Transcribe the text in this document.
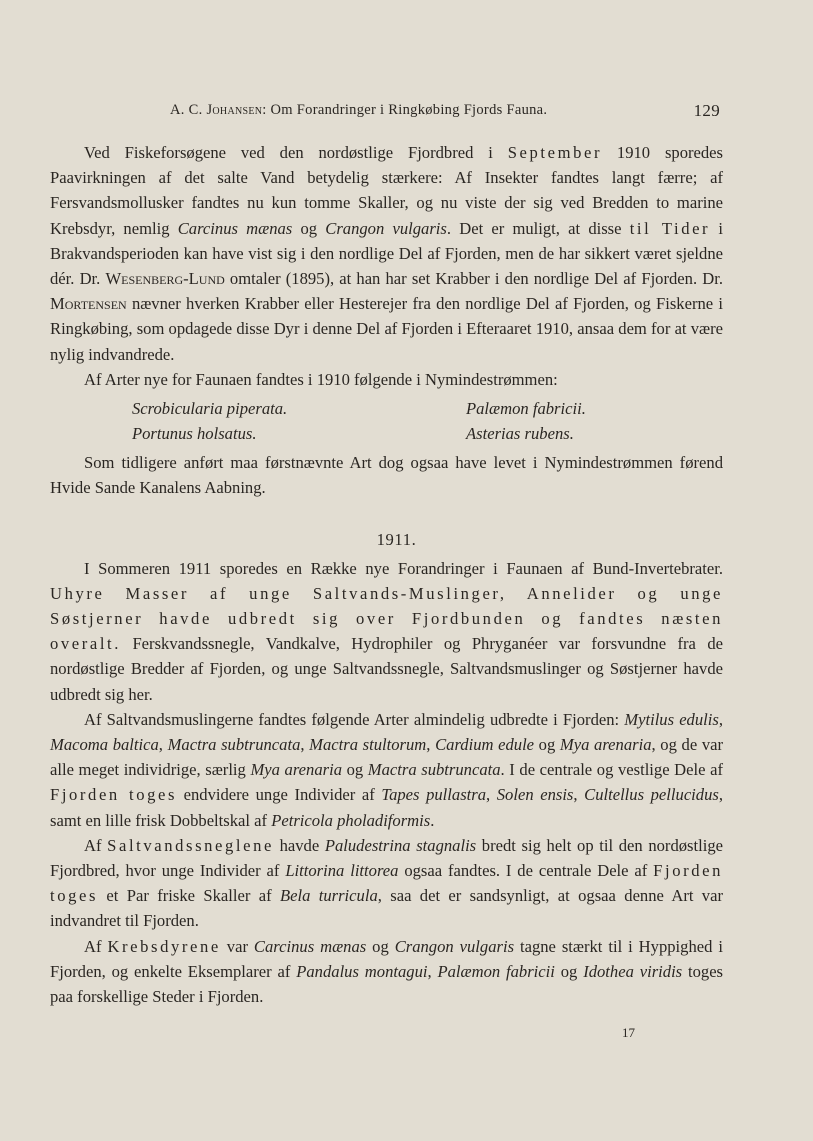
A. C. Johansen: Om Forandringer i Ringkøbing Fjords Fauna.	129

Ved Fiskeforsøgene ved den nordøstlige Fjordbred i September 1910 sporedes Paavirkningen af det salte Vand betydelig stærkere: Af Insekter fandtes langt færre; af Fersvandsmollusker fandtes nu kun tomme Skaller, og nu viste der sig ved Bredden to marine Krebsdyr, nemlig Carcinus mænas og Crangon vulgaris. Det er muligt, at disse til Tider i Brakvandsperioden kan have vist sig i den nordlige Del af Fjorden, men de har sikkert været sjeldne dér. Dr. Wesenberg-Lund omtaler (1895), at han har set Krabber i den nordlige Del af Fjorden. Dr. Mortensen nævner hverken Krabber eller Hesterejer fra den nordlige Del af Fjorden, og Fiskerne i Ringkøbing, som opdagede disse Dyr i denne Del af Fjorden i Efteraaret 1910, ansaa dem for at være nylig indvandrede.

Af Arter nye for Faunaen fandtes i 1910 følgende i Nymindestrømmen:

Scrobicularia piperata.
Portunus holsatus.
Palæmon fabricii.
Asterias rubens.

Som tidligere anført maa førstnævnte Art dog ogsaa have levet i Nymindestrømmen førend Hvide Sande Kanalens Aabning.

1911.

I Sommeren 1911 sporedes en Række nye Forandringer i Faunaen af Bund-Invertebrater. Uhyre Masser af unge Saltvands-Muslinger, Annelider og unge Søstjerner havde udbredt sig over Fjordbunden og fandtes næsten overalt. Ferskvandssnegle, Vandkalve, Hydrophiler og Phryganéer var forsvundne fra de nordøstlige Bredder af Fjorden, og unge Saltvandssnegle, Saltvandsmuslinger og Søstjerner havde udbredt sig her.

Af Saltvandsmuslingerne fandtes følgende Arter almindelig udbredte i Fjorden: Mytilus edulis, Macoma baltica, Mactra subtruncata, Mactra stultorum, Cardium edule og Mya arenaria, og de var alle meget individrige, særlig Mya arenaria og Mactra subtruncata. I de centrale og vestlige Dele af Fjorden toges endvidere unge Individer af Tapes pullastra, Solen ensis, Cultellus pellucidus, samt en lille frisk Dobbeltskal af Petricola pholadiformis.

Af Saltvandssneglene havde Paludestrina stagnalis bredt sig helt op til den nordøstlige Fjordbred, hvor unge Individer af Littorina littorea ogsaa fandtes. I de centrale Dele af Fjorden toges et Par friske Skaller af Bela turricula, saa det er sandsynligt, at ogsaa denne Art var indvandret til Fjorden.

Af Krebsdyrene var Carcinus mænas og Crangon vulgaris tagne stærkt til i Hyppighed i Fjorden, og enkelte Eksemplarer af Pandalus montagui, Palæmon fabricii og Idothea viridis toges paa forskellige Steder i Fjorden.

17
